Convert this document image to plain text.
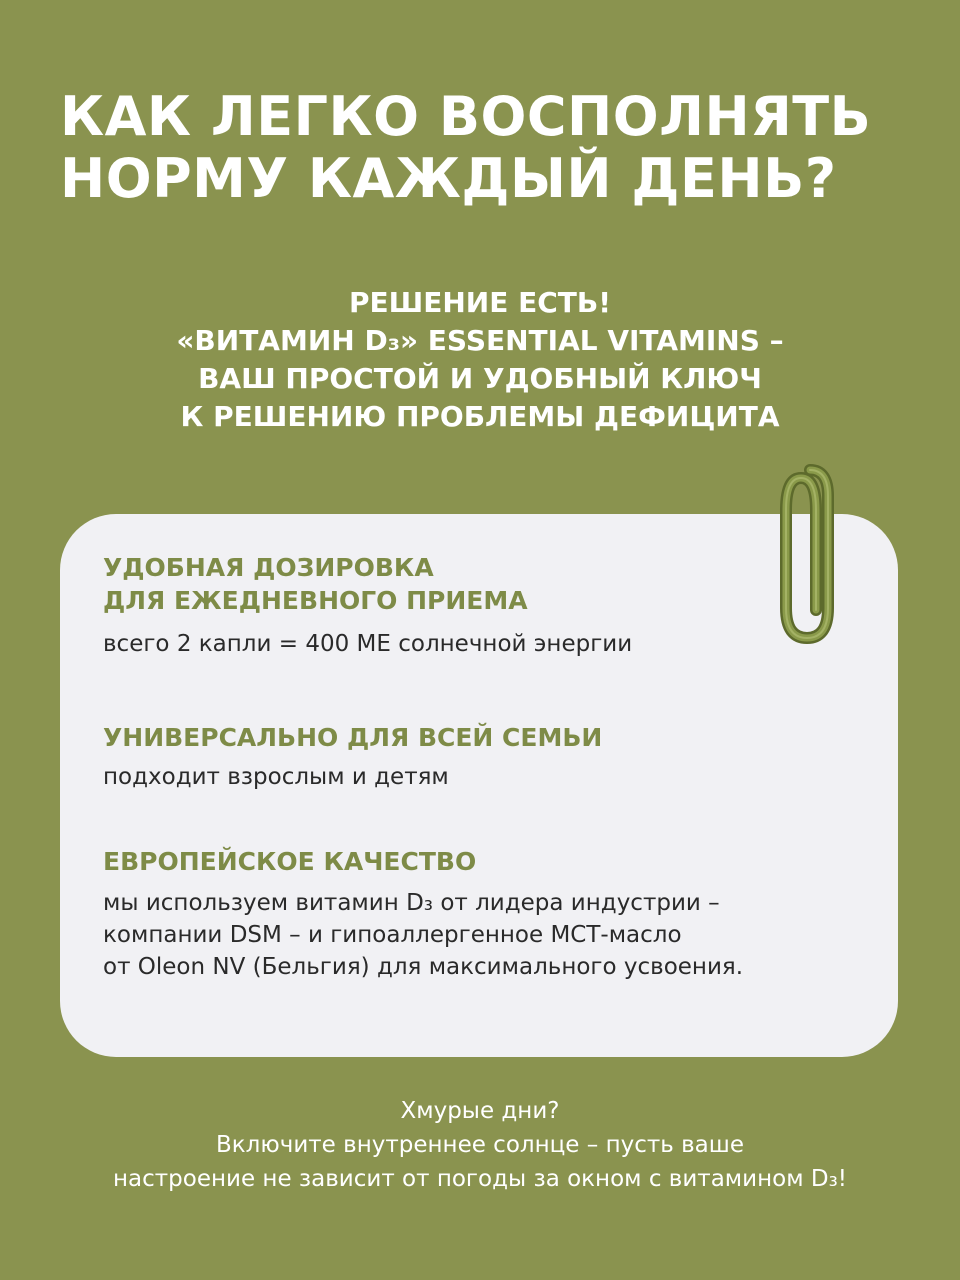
КАК ЛЕГКО ВОСПОЛНЯТЬ
НОРМУ КАЖДЫЙ ДЕНЬ?
РЕШЕНИЕ ЕСТЬ!
«ВИТАМИН D₃» ESSENTIAL VITAMINS –
ВАШ ПРОСТОЙ И УДОБНЫЙ КЛЮЧ
К РЕШЕНИЮ ПРОБЛЕМЫ ДЕФИЦИТА
УДОБНАЯ ДОЗИРОВКА
ДЛЯ ЕЖЕДНЕВНОГО ПРИЕМА

всего 2 капли = 400 МЕ солнечной энергии

УНИВЕРСАЛЬНО ДЛЯ ВСЕЙ СЕМЬИ

подходит взрослым и детям

ЕВРОПЕЙСКОЕ КАЧЕСТВО

мы используем витамин D₃ от лидера индустрии –
компании DSM – и гипоаллергенное МСТ-масло
от Oleon NV (Бельгия) для максимального усвоения.

Хмурые дни?
Включите внутреннее солнце – пусть ваше
настроение не зависит от погоды за окном с витамином D₃!
